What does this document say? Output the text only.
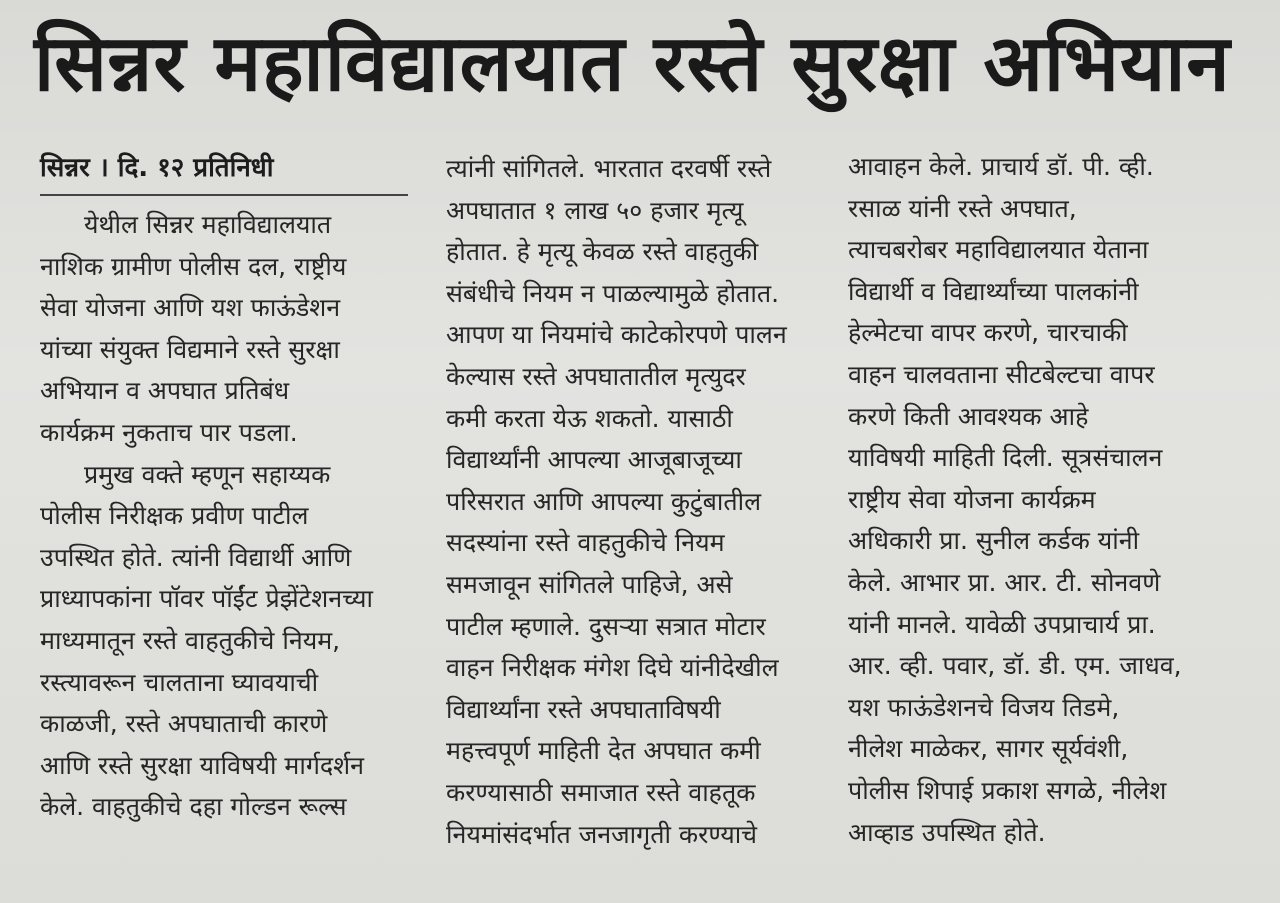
सिन्नर महाविद्यालयात रस्ते सुरक्षा अभियान
सिन्नर । दि. १२ प्रतिनिधी
येथील सिन्नर महाविद्यालयात
नाशिक ग्रामीण पोलीस दल, राष्ट्रीय
सेवा योजना आणि यश फाऊंडेशन
यांच्या संयुक्त विद्यमाने रस्ते सुरक्षा
अभियान व अपघात प्रतिबंध
कार्यक्रम नुकताच पार पडला.
प्रमुख वक्ते म्हणून सहाय्यक
पोलीस निरीक्षक प्रवीण पाटील
उपस्थित होते. त्यांनी विद्यार्थी आणि
प्राध्यापकांना पॉवर पॉईंट प्रेझेंटेशनच्या
माध्यमातून रस्ते वाहतुकीचे नियम,
रस्त्यावरून चालताना घ्यावयाची
काळजी, रस्ते अपघाताची कारणे
आणि रस्ते सुरक्षा याविषयी मार्गदर्शन
केले. वाहतुकीचे दहा गोल्डन रूल्स
त्यांनी सांगितले. भारतात दरवर्षी रस्ते
अपघातात १ लाख ५० हजार मृत्यू
होतात. हे मृत्यू केवळ रस्ते वाहतुकी
संबंधीचे नियम न पाळल्यामुळे होतात.
आपण या नियमांचे काटेकोरपणे पालन
केल्यास रस्ते अपघातातील मृत्युदर
कमी करता येऊ शकतो. यासाठी
विद्यार्थ्यांनी आपल्या आजूबाजूच्या
परिसरात आणि आपल्या कुटुंबातील
सदस्यांना रस्ते वाहतुकीचे नियम
समजावून सांगितले पाहिजे, असे
पाटील म्हणाले. दुसऱ्या सत्रात मोटार
वाहन निरीक्षक मंगेश दिघे यांनीदेखील
विद्यार्थ्यांना रस्ते अपघाताविषयी
महत्त्वपूर्ण माहिती देत अपघात कमी
करण्यासाठी समाजात रस्ते वाहतूक
नियमांसंदर्भात जनजागृती करण्याचे
आवाहन केले. प्राचार्य डॉ. पी. व्ही.
रसाळ यांनी रस्ते अपघात,
त्याचबरोबर महाविद्यालयात येताना
विद्यार्थी व विद्यार्थ्यांच्या पालकांनी
हेल्मेटचा वापर करणे, चारचाकी
वाहन चालवताना सीटबेल्टचा वापर
करणे किती आवश्यक आहे
याविषयी माहिती दिली. सूत्रसंचालन
राष्ट्रीय सेवा योजना कार्यक्रम
अधिकारी प्रा. सुनील कर्डक यांनी
केले. आभार प्रा. आर. टी. सोनवणे
यांनी मानले. यावेळी उपप्राचार्य प्रा.
आर. व्ही. पवार, डॉ. डी. एम. जाधव,
यश फाऊंडेशनचे विजय तिडमे,
नीलेश माळेकर, सागर सूर्यवंशी,
पोलीस शिपाई प्रकाश सगळे, नीलेश
आव्हाड उपस्थित होते.
